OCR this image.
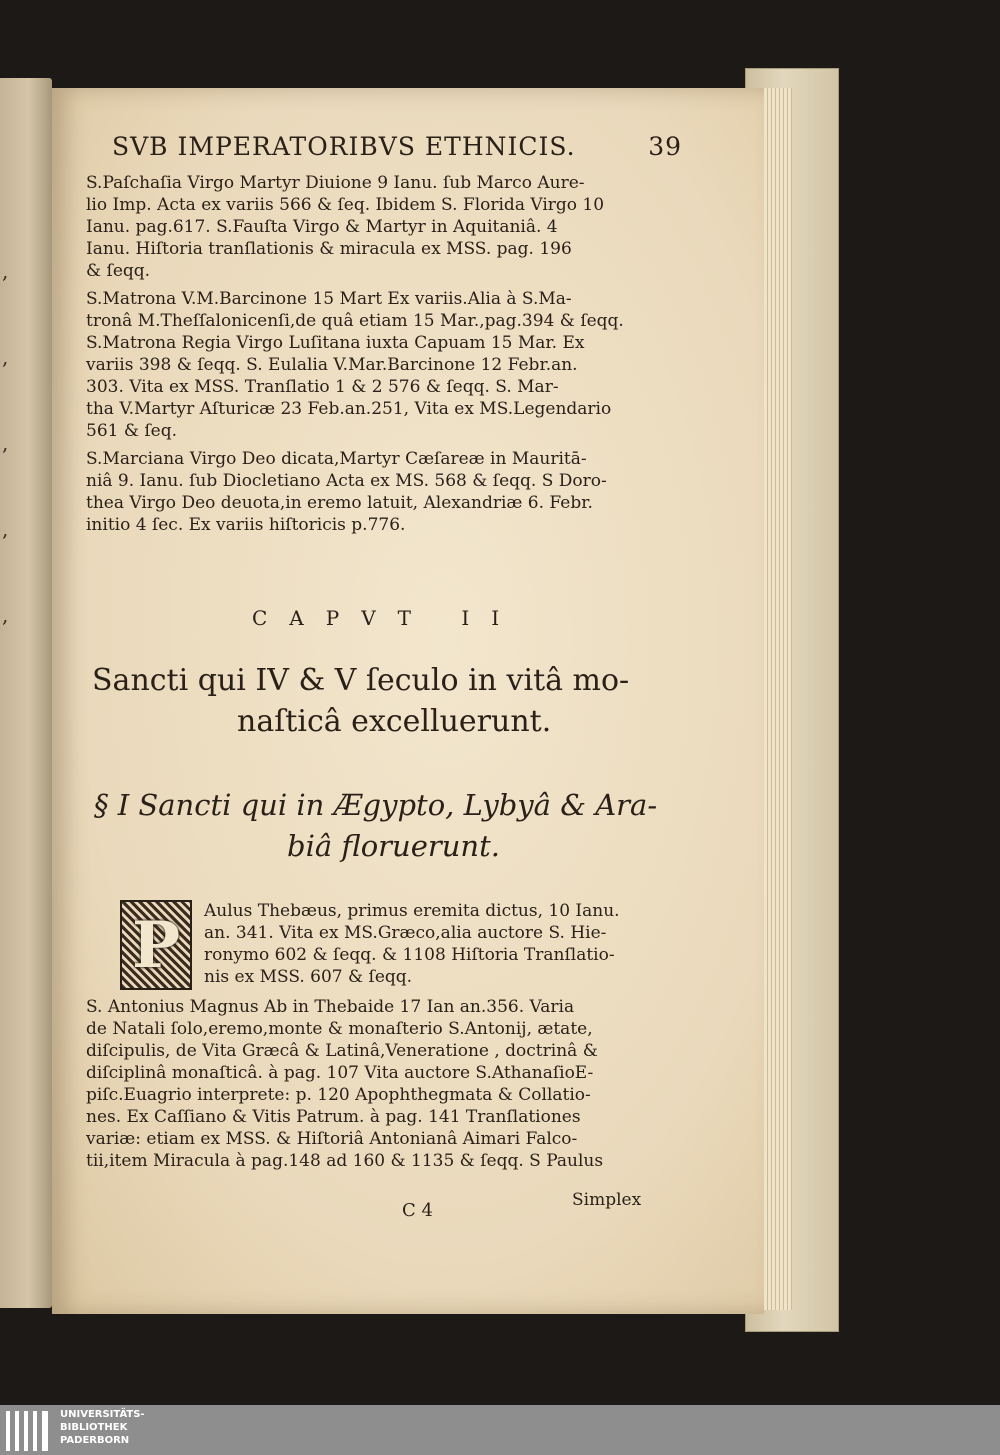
,
,
,
,
,
SVB IMPERATORIBVS ETHNICIS.	39
S.Paſchaſia Virgo Martyr Diuione 9 Ianu. ſub Marco Aure-
lio Imp. Acta ex variis 566 & ſeq. Ibidem S. Florida Virgo 10
Ianu. pag.617. S.Fauſta Virgo & Martyr in Aquitaniâ. 4
Ianu. Hiſtoria tranſlationis & miracula ex MSS. pag. 196
& ſeqq.
S.Matrona V.M.Barcinone 15 Mart Ex variis.Alia à S.Ma-
tronâ M.Theſſalonicenſi,de quâ etiam 15 Mar.,pag.394 & ſeqq.
S.Matrona Regia Virgo Luſitana iuxta Capuam 15 Mar. Ex
variis 398 & ſeqq. S. Eulalia V.Mar.Barcinone 12 Febr.an.
303. Vita ex MSS. Tranſlatio 1 & 2 576 & ſeqq. S. Mar-
tha V.Martyr Aſturicæ 23 Feb.an.251, Vita ex MS.Legendario
561 & ſeq.
S.Marciana Virgo Deo dicata,Martyr Cæſareæ in Mauritā-
niâ 9. Ianu. ſub Diocletiano Acta ex MS. 568 & ſeqq. S Doro-
thea Virgo Deo deuota,in eremo latuit, Alexandriæ 6. Febr.
initio 4 ſec. Ex variis hiſtoricis p.776.
CAPVT II
Sancti qui IV & V ſeculo in vitâ mo-
naſticâ excelluerunt.
§ I Sancti qui in Ægypto, Lybyâ & Ara-
biâ floruerunt.
P	Aulus Thebæus, primus eremita dictus, 10 Ianu.
an. 341. Vita ex MS.Græco,alia auctore S. Hie-
ronymo 602 & ſeqq. & 1108 Hiſtoria Tranſlatio-
nis ex MSS. 607 & ſeqq.
S. Antonius Magnus Ab in Thebaide 17 Ian an.356. Varia
de Natali ſolo,eremo,monte & monaſterio S.Antonij, ætate,
diſcipulis, de Vita Græcâ & Latinâ,Veneratione , doctrinâ &
diſciplinâ monaſticâ. à pag. 107 Vita auctore S.AthanaſioE-
piſc.Euagrio interprete: p. 120 Apophthegmata & Collatio-
nes. Ex Caſſiano & Vitis Patrum. à pag. 141 Tranſlationes
variæ: etiam ex MSS. & Hiſtoriâ Antonianâ Aimari Falco-
tii,item Miracula à pag.148 ad 160 & 1135 & ſeqq. S Paulus
C 4	Simplex
UNIVERSITÄTS-
BIBLIOTHEK
PADERBORN
